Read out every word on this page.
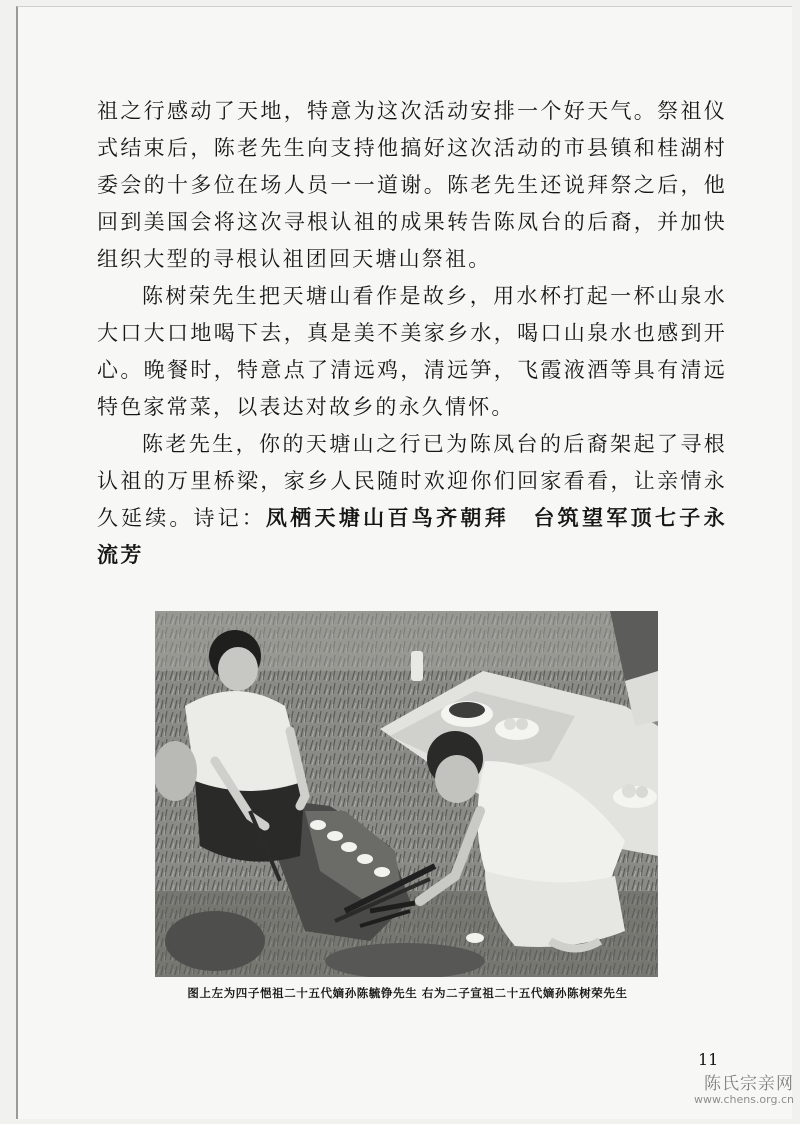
祖之行感动了天地，特意为这次活动安排一个好天气。祭祖仪式结束后，陈老先生向支持他搞好这次活动的市县镇和桂湖村委会的十多位在场人员一一道谢。陈老先生还说拜祭之后，他回到美国会将这次寻根认祖的成果转告陈凤台的后裔，并加快组织大型的寻根认祖团回天塘山祭祖。

陈树荣先生把天塘山看作是故乡，用水杯打起一杯山泉水大口大口地喝下去，真是美不美家乡水，喝口山泉水也感到开心。晚餐时，特意点了清远鸡，清远笋，飞霞液酒等具有清远特色家常菜，以表达对故乡的永久情怀。

陈老先生，你的天塘山之行已为陈凤台的后裔架起了寻根认祖的万里桥梁，家乡人民随时欢迎你们回家看看，让亲情永久延续。诗记：凤栖天塘山百鸟齐朝拜　台筑望军顶七子永流芳

图上左为四子悒祖二十五代嫡孙陈毓铮先生 右为二子宣祖二十五代嫡孙陈树荣先生
11
陈氏宗亲网
www.chens.org.cn
